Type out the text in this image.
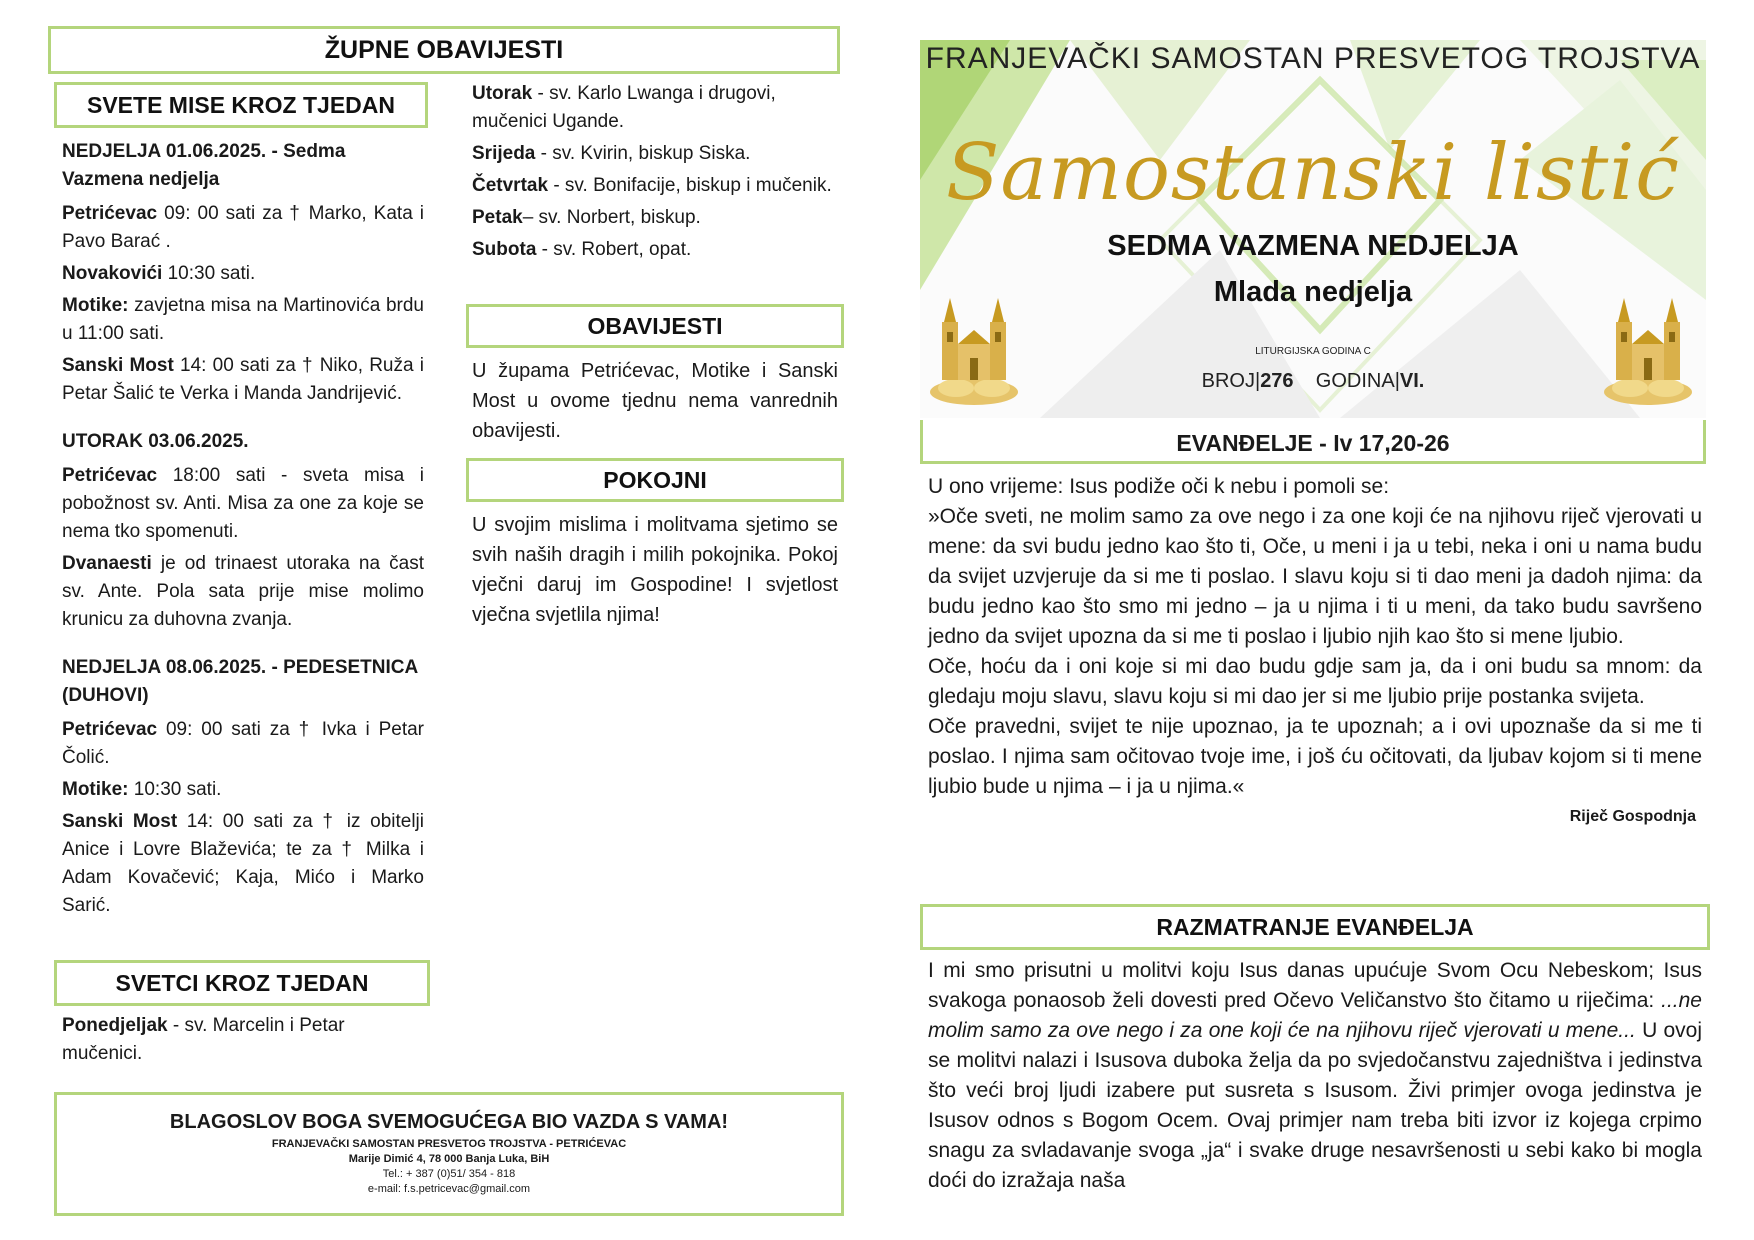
ŽUPNE OBAVIJESTI
SVETE MISE KROZ TJEDAN

NEDJELJA 01.06.2025. - Sedma
Vazmena nedjelja

Petrićevac 09: 00 sati za † Marko, Kata i Pavo Barać .

Novakovići 10:30 sati.

Motike: zavjetna misa na Martinovića brdu u 11:00 sati.

Sanski Most 14: 00 sati za † Niko, Ruža i Petar Šalić te Verka i Manda Jandrijević.

UTORAK 03.06.2025.

Petrićevac 18:00 sati - sveta misa i pobožnost sv. Anti. Misa za one za koje se nema tko spomenuti.

Dvanaesti je od trinaest utoraka na čast sv. Ante. Pola sata prije mise molimo krunicu za duhovna zvanja.

NEDJELJA 08.06.2025. - PEDESETNICA
(DUHOVI)

Petrićevac 09: 00 sati za † Ivka i Petar Čolić.

Motike: 10:30 sati.

Sanski Most 14: 00 sati za † iz obitelji Anice i Lovre Blaževića; te za † Milka i Adam Kovačević; Kaja, Mićo i Marko Sarić.

SVETCI KROZ TJEDAN

Ponedjeljak - sv. Marcelin i Petar mučenici.

Utorak - sv. Karlo Lwanga i drugovi, mučenici Ugande.

Srijeda - sv. Kvirin, biskup Siska.

Četvrtak - sv. Bonifacije, biskup i mučenik.

Petak– sv. Norbert, biskup.

Subota - sv. Robert, opat.

OBAVIJESTI

U župama Petrićevac, Motike i Sanski Most u ovome tjednu nema vanrednih obavijesti.

POKOJNI

U svojim mislima i molitvama sjetimo se svih naših dragih i milih pokojnika. Pokoj vječni daruj im Gospodine! I svjetlost vječna svjetlila njima!

BLAGOSLOV BOGA SVEMOGUĆEGA BIO VAZDA S VAMA!
FRANJEVAČKI SAMOSTAN PRESVETOG TROJSTVA - PETRIĆEVAC
Marije Dimić 4, 78 000 Banja Luka, BiH
Tel.: + 387 (0)51/ 354 - 818
e-mail: f.s.petricevac@gmail.com
FRANJEVAČKI SAMOSTAN PRESVETOG TROJSTVA
Samostanski listić
SEDMA VAZMENA NEDJELJA
Mlada nedjelja
LITURGIJSKA GODINA C
BROJ|276 GODINA|VI.
EVANĐELJE - Iv 17,20-26

U ono vrijeme: Isus podiže oči k nebu i pomoli se:

»Oče sveti, ne molim samo za ove nego i za one koji će na njihovu riječ vjerovati u mene: da svi budu jedno kao što ti, Oče, u meni i ja u tebi, neka i oni u nama budu da svijet uzvjeruje da si me ti poslao. I slavu koju si ti dao meni ja dadoh njima: da budu jedno kao što smo mi jedno – ja u njima i ti u meni, da tako budu savršeno jedno da svijet upozna da si me ti poslao i ljubio njih kao što si mene ljubio.

Oče, hoću da i oni koje si mi dao budu gdje sam ja, da i oni budu sa mnom: da gledaju moju slavu, slavu koju si mi dao jer si me ljubio prije postanka svijeta.

Oče pravedni, svijet te nije upoznao, ja te upoznah; a i ovi upoznaše da si me ti poslao. I njima sam očitovao tvoje ime, i još ću očitovati, da ljubav kojom si ti mene ljubio bude u njima – i ja u njima.«

Riječ Gospodnja

RAZMATRANJE EVANĐELJA

I mi smo prisutni u molitvi koju Isus danas upućuje Svom Ocu Nebeskom; Isus svakoga ponaosob želi dovesti pred Očevo Veličanstvo što čitamo u riječima: ...ne molim samo za ove nego i za one koji će na njihovu riječ vjerovati u mene... U ovoj se molitvi nalazi i Isusova duboka želja da po svjedočanstvu zajedništva i jedinstva što veći broj ljudi izabere put susreta s Isusom. Živi primjer ovoga jedinstva je Isusov odnos s Bogom Ocem. Ovaj primjer nam treba biti izvor iz kojega crpimo snagu za svladavanje svoga „ja“ i svake druge nesavršenosti u sebi kako bi mogla doći do izražaja naša
